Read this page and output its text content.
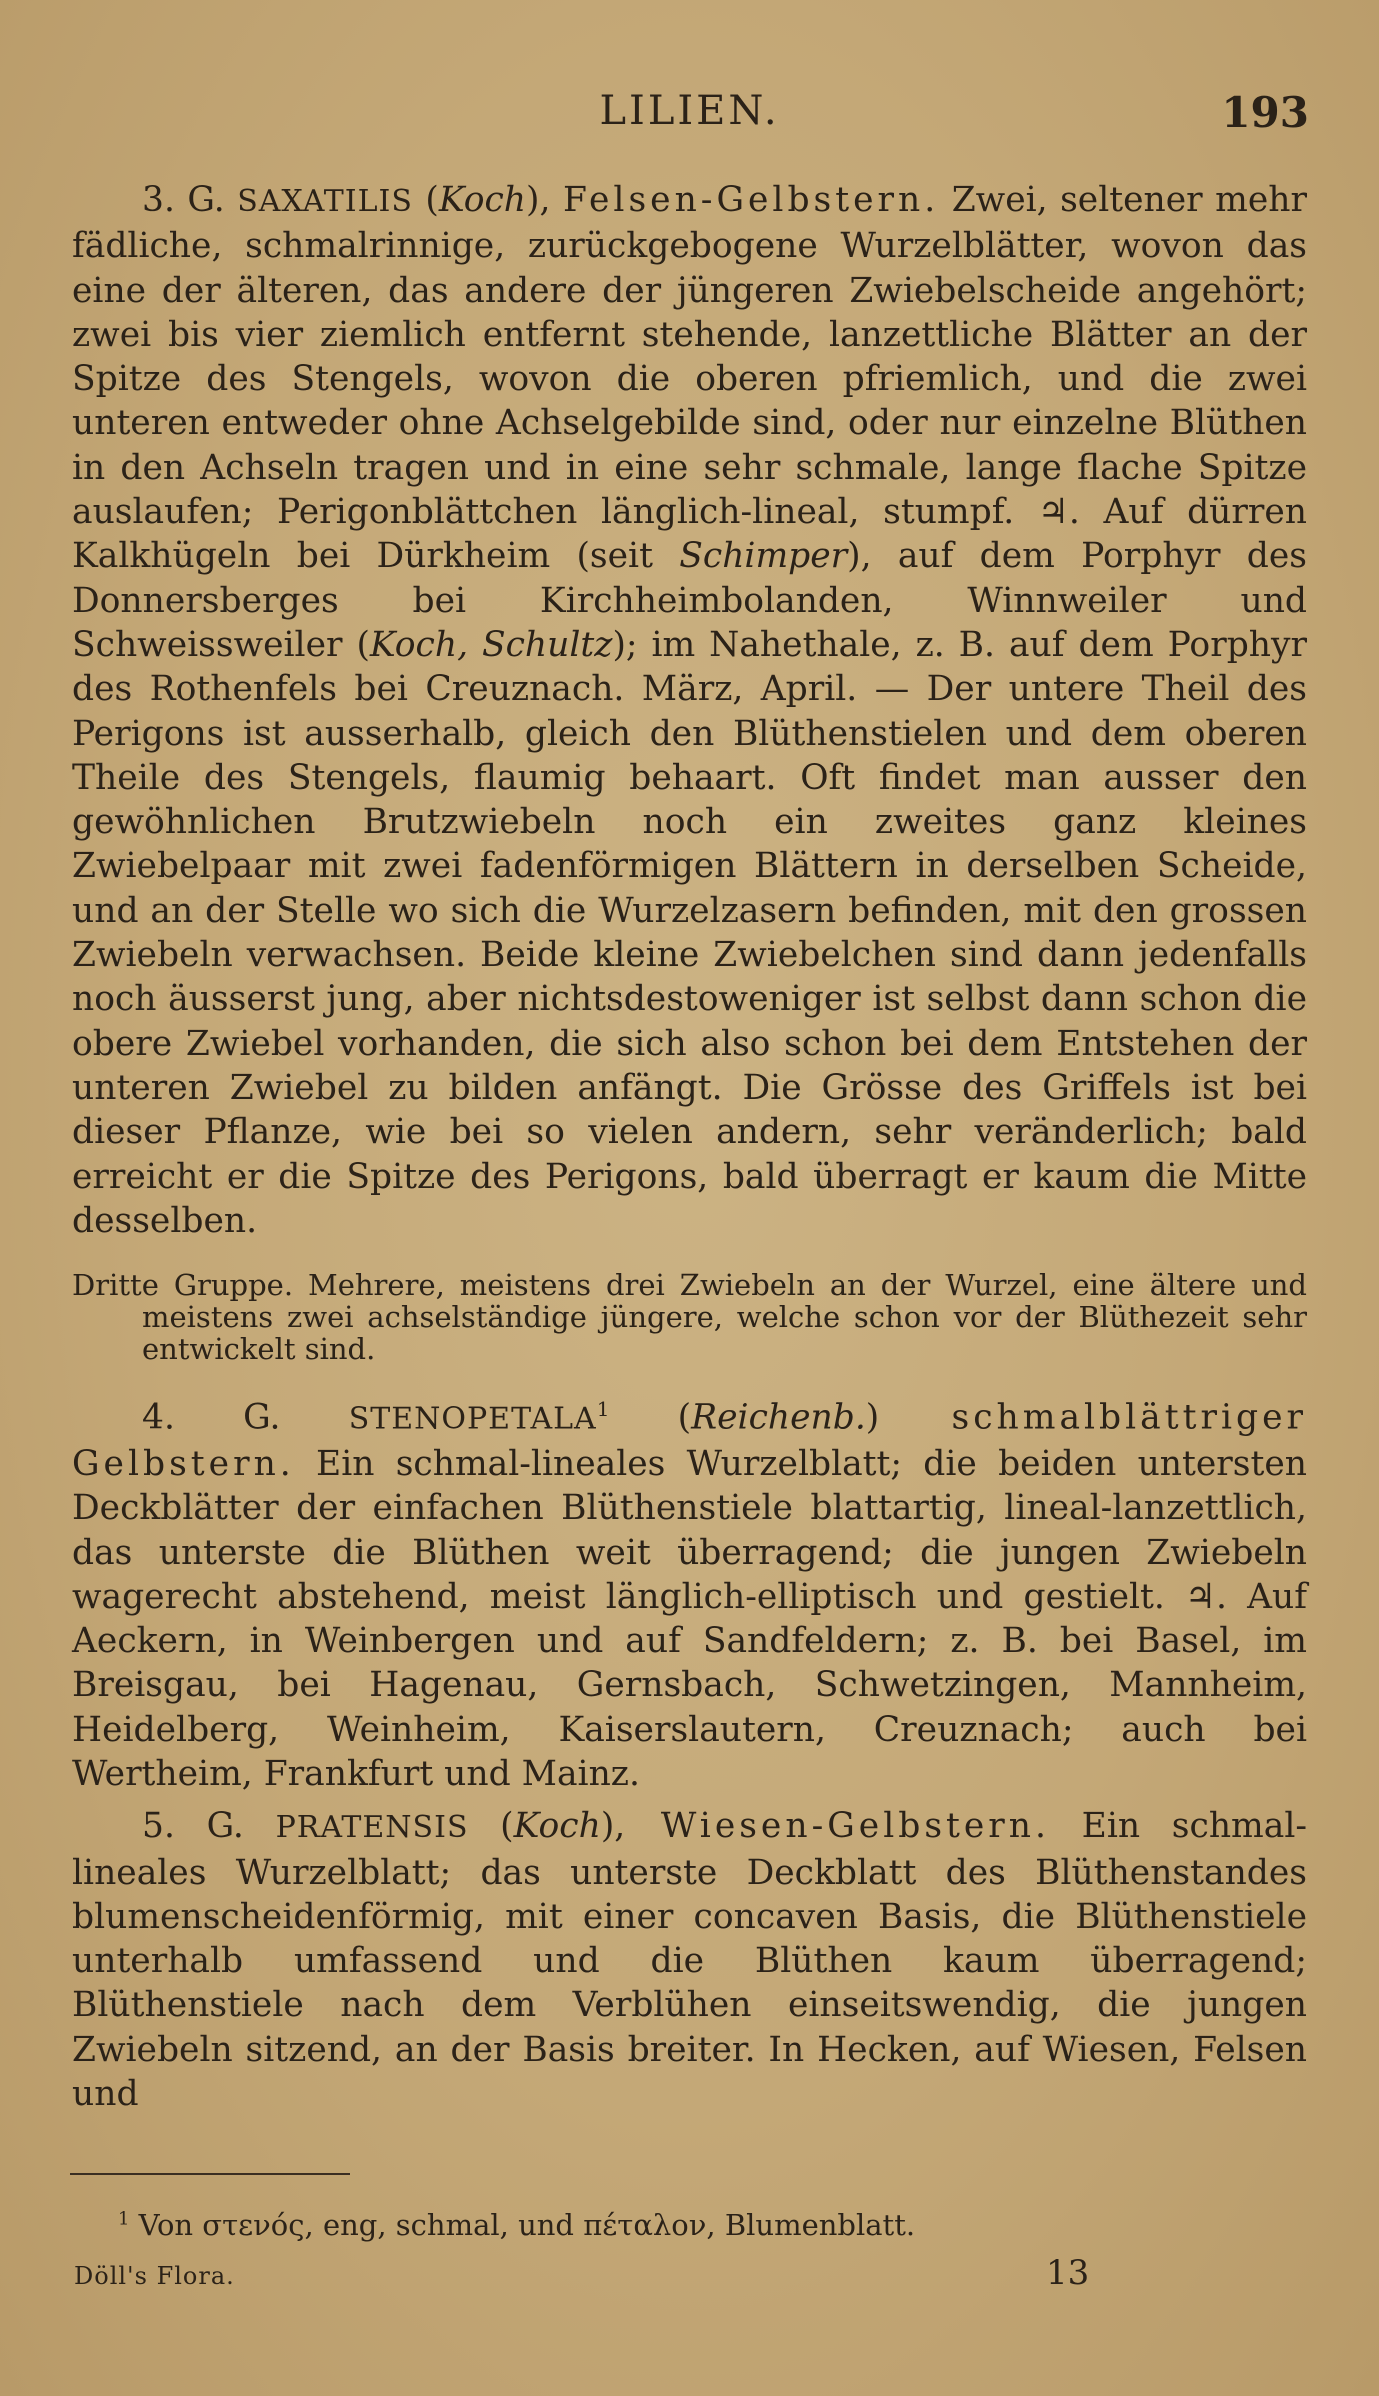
LILIEN.	193

3. G. SAXATILIS (Koch), Felsen-Gelbstern. Zwei, seltener mehr fädliche, schmalrinnige, zurückgebogene Wurzelblätter, wovon das eine der älteren, das andere der jüngeren Zwiebelscheide angehört; zwei bis vier ziemlich entfernt stehende, lanzettliche Blätter an der Spitze des Stengels, wovon die oberen pfriemlich, und die zwei unteren entweder ohne Achselgebilde sind, oder nur einzelne Blüthen in den Achseln tragen und in eine sehr schmale, lange flache Spitze auslaufen; Perigonblättchen länglich-lineal, stumpf. ♃. Auf dürren Kalkhügeln bei Dürkheim (seit Schimper), auf dem Porphyr des Donnersberges bei Kirchheimbolanden, Winnweiler und Schweissweiler (Koch, Schultz); im Nahethale, z. B. auf dem Porphyr des Rothenfels bei Creuznach. März, April. — Der untere Theil des Perigons ist ausserhalb, gleich den Blüthenstielen und dem oberen Theile des Stengels, flaumig behaart. Oft findet man ausser den gewöhnlichen Brutzwiebeln noch ein zweites ganz kleines Zwiebelpaar mit zwei fadenförmigen Blättern in derselben Scheide, und an der Stelle wo sich die Wurzelzasern befinden, mit den grossen Zwiebeln verwachsen. Beide kleine Zwiebelchen sind dann jedenfalls noch äusserst jung, aber nichtsdestoweniger ist selbst dann schon die obere Zwiebel vorhanden, die sich also schon bei dem Entstehen der unteren Zwiebel zu bilden anfängt. Die Grösse des Griffels ist bei dieser Pflanze, wie bei so vielen andern, sehr veränderlich; bald erreicht er die Spitze des Perigons, bald überragt er kaum die Mitte desselben.

Dritte Gruppe. Mehrere, meistens drei Zwiebeln an der Wurzel, eine ältere und meistens zwei achselständige jüngere, welche schon vor der Blüthezeit sehr entwickelt sind.

4. G. STENOPETALA$^1$ (Reichenb.) schmalblättriger Gelbstern. Ein schmal-lineales Wurzelblatt; die beiden untersten Deckblätter der einfachen Blüthenstiele blattartig, lineal-lanzettlich, das unterste die Blüthen weit überragend; die jungen Zwiebeln wagerecht abstehend, meist länglich-elliptisch und gestielt. ♃. Auf Aeckern, in Weinbergen und auf Sandfeldern; z. B. bei Basel, im Breisgau, bei Hagenau, Gernsbach, Schwetzingen, Mannheim, Heidelberg, Weinheim, Kaiserslautern, Creuznach; auch bei Wertheim, Frankfurt und Mainz.

5. G. PRATENSIS (Koch), Wiesen-Gelbstern. Ein schmal-lineales Wurzelblatt; das unterste Deckblatt des Blüthenstandes blumenscheidenförmig, mit einer concaven Basis, die Blüthenstiele unterhalb umfassend und die Blüthen kaum überragend; Blüthenstiele nach dem Verblühen einseitswendig, die jungen Zwiebeln sitzend, an der Basis breiter. In Hecken, auf Wiesen, Felsen und

$^1$ Von στενός, eng, schmal, und πέταλον, Blumenblatt.
Döll's Flora.	13
